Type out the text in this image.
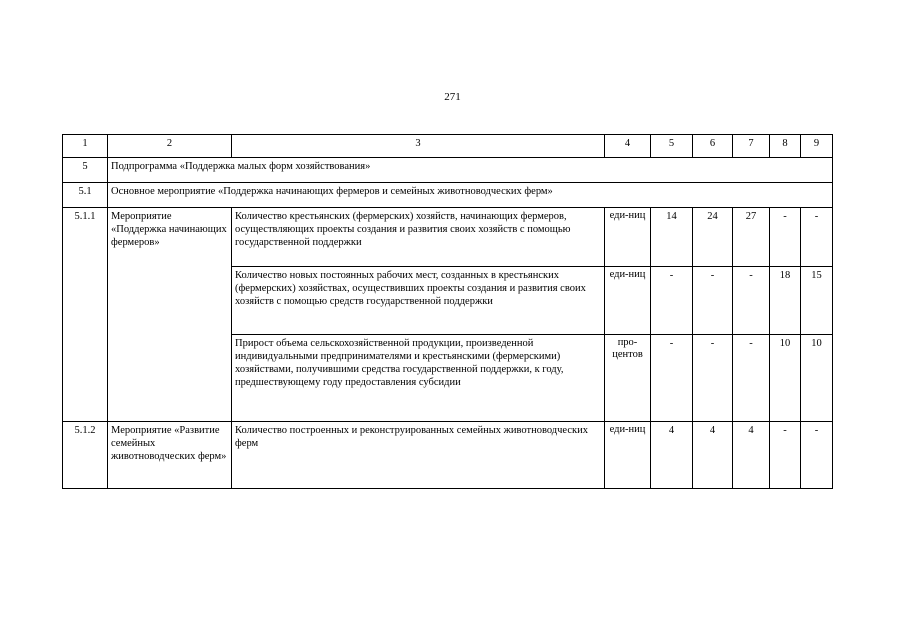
271
1	2	3	4	5	6	7	8	9
5	Подпрограмма «Поддержка малых форм хозяйствования»							
5.1	Основное мероприятие «Поддержка начинающих фермеров и семейных животноводческих ферм»							
5.1.1	Мероприятие «Поддержка начинающих фермеров»	Количество крестьянских (фермерских) хозяйств, начинающих фермеров, осуществляющих проекты создания и развития своих хозяйств с помощью государственной поддержки	еди-ниц	14	24	27	-	-
		Количество новых постоянных рабочих мест, созданных в крестьянских (фермерских) хозяйствах, осуществивших проекты создания и развития своих хозяйств с помощью средств государственной поддержки	еди-ниц	-	-	-	18	15
		Прирост объема сельскохозяйственной продукции, произведенной индивидуальными предпринимателями и крестьянскими (фермерскими) хозяйствами, получившими средства государственной поддержки, к году, предшествующему году предоставления субсидии	про-центов	-	-	-	10	10
5.1.2	Мероприятие «Развитие семейных животноводческих ферм»	Количество построенных и реконструированных семейных животноводческих ферм	еди-ниц	4	4	4	-	-
